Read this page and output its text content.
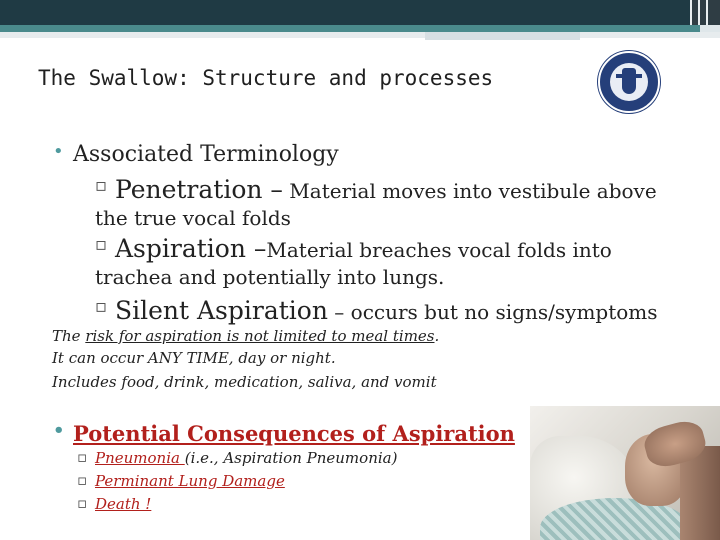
The Swallow: Structure and processes
• Associated Terminology
▫ Penetration – Material moves into vestibule above
the true vocal folds
▫ Aspiration –Material breaches vocal folds into
trachea and potentially into lungs.
▫ Silent Aspiration – occurs but no signs/symptoms
The risk for aspiration is not limited to meal times.
It can occur ANY TIME, day or night.
Includes food, drink, medication, saliva, and vomit
• Potential Consequences of Aspiration
▫ Pneumonia (i.e., Aspiration Pneumonia)
▫ Perminant Lung Damage
▫ Death !
